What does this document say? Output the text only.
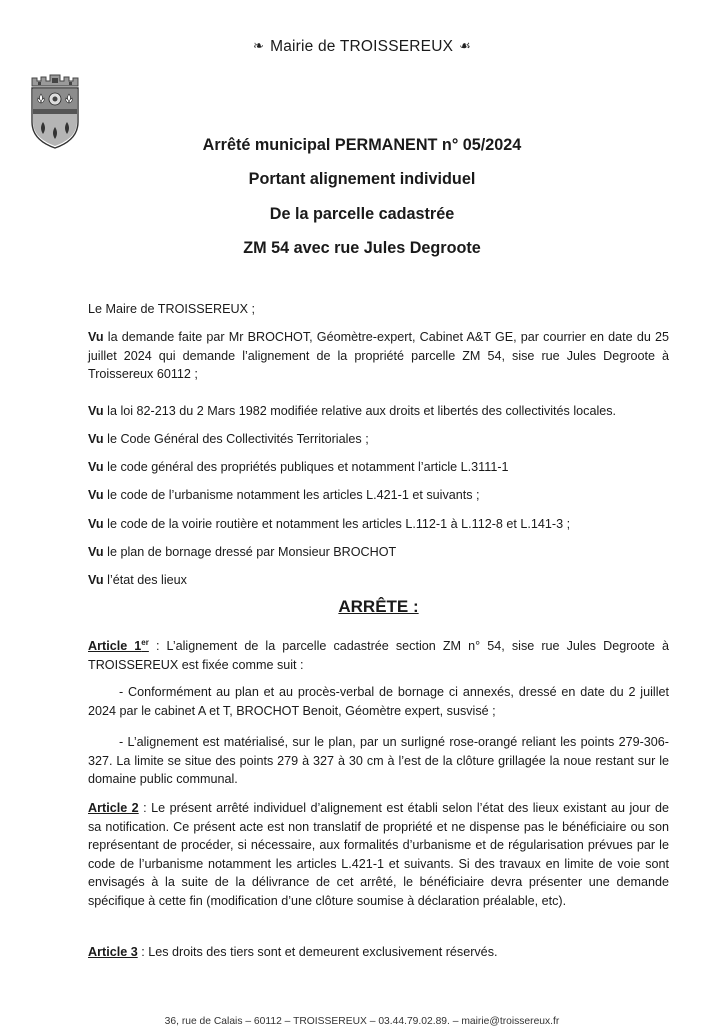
❧ Mairie de TROISSEREUX ☙
Arrêté municipal PERMANENT n° 05/2024
Portant alignement individuel
De la parcelle cadastrée
ZM 54 avec rue Jules Degroote

Le Maire de TROISSEREUX ;

Vu la demande faite par Mr BROCHOT, Géomètre-expert, Cabinet A&T GE, par courrier en date du 25 juillet 2024 qui demande l’alignement de la propriété parcelle ZM 54, sise rue Jules Degroote à Troissereux 60112 ;

Vu la loi 82-213 du 2 Mars 1982 modifiée relative aux droits et libertés des collectivités locales.

Vu le Code Général des Collectivités Territoriales ;

Vu le code général des propriétés publiques et notamment l’article L.3111-1

Vu le code de l’urbanisme notamment les articles L.421-1 et suivants ;

Vu le code de la voirie routière et notamment les articles L.112-1 à L.112-8 et L.141-3 ;

Vu le plan de bornage dressé par Monsieur BROCHOT

Vu l’état des lieux

ARRÊTE :

Article 1er : L’alignement de la parcelle cadastrée section ZM n° 54, sise rue Jules Degroote à TROISSEREUX est fixée comme suit :

- Conformément au plan et au procès-verbal de bornage ci annexés, dressé en date du 2 juillet 2024 par le cabinet A et T, BROCHOT Benoit, Géomètre expert, susvisé ;

- L’alignement est matérialisé, sur le plan, par un surligné rose-orangé reliant les points 279-306-327. La limite se situe des points 279 à 327 à 30 cm à l’est de la clôture grillagée la noue restant sur le domaine public communal.

Article 2 : Le présent arrêté individuel d’alignement est établi selon l’état des lieux existant au jour de sa notification. Ce présent acte est non translatif de propriété et ne dispense pas le bénéficiaire ou son représentant de procéder, si nécessaire, aux formalités d’urbanisme et de régularisation prévues par le code de l’urbanisme notamment les articles L.421-1 et suivants. Si des travaux en limite de voie sont envisagés à la suite de la délivrance de cet arrêté, le bénéficiaire devra présenter une demande spécifique à cette fin (modification d’une clôture soumise à déclaration préalable, etc).

Article 3 : Les droits des tiers sont et demeurent exclusivement réservés.

36, rue de Calais – 60112 – TROISSEREUX – 03.44.79.02.89. – mairie@troissereux.fr
